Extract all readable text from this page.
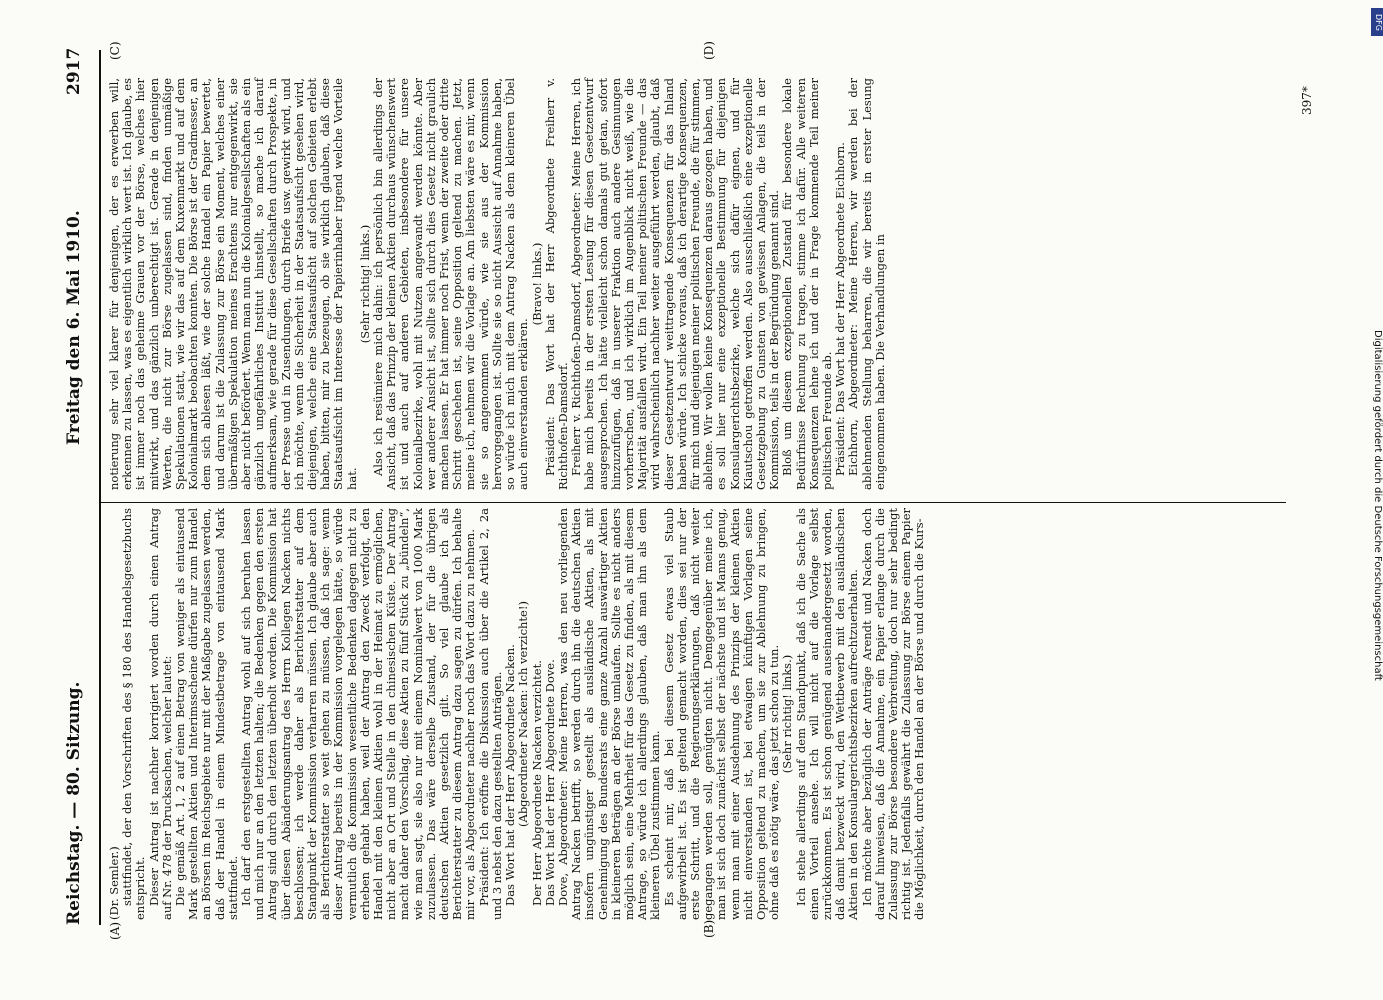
Reichstag. — 80. Sitzung.
Freitag den 6. Mai 1910.
2917
(A)	(B)
(C)	(D)

(Dr. Semler.) stattfindet, der den Vorschriften des § 180 des Handelsgesetzbuchs entspricht. Dieser Antrag ist nachher korrigiert worden durch einen Antrag auf Nr. 478 der Drucksachen, welcher lautet: Die gemäß Art. 1, 2 auf einen Betrag von weniger als eintausend Mark gestellten Aktien und Interimsscheine dürfen nur zum Handel an Börsen im Reichsgebiete nur mit der Maßgabe zugelassen werden, daß der Handel in einem Mindestbetrage von eintausend Mark stattfindet. Ich darf den erstgestellten Antrag wohl auf sich beruhen lassen und mich nur an den letzten halten; die Bedenken gegen den ersten Antrag sind durch den letzten überholt worden. Die Kommission hat über diesen Abänderungsantrag des Herrn Kollegen Nacken nichts beschlossen; ich werde daher als Berichterstatter auf dem Standpunkt der Kommission verharren müssen. Ich glaube aber auch als Berichterstatter so weit gehen zu müssen, daß ich sage: wenn dieser Antrag bereits in der Kommission vorgelegen hätte, so würde vermutlich die Kommission wesentliche Bedenken dagegen nicht zu erheben gehabt haben, weil der Antrag den Zweck verfolgt, den Handel mit den kleinen Aktien wohl in der Heimat zu ermöglichen, nicht aber an Ort und Stelle in den chinesischen Küste. Der Antrag macht daher den Vorschlag, diese Aktien zu fünf Stück zu „bündeln“, wie man sagt, sie also nur mit einem Nominalwert von 1000 Mark zuzulassen. Das wäre derselbe Zustand, der für die übrigen deutschen Aktien gesetzlich gilt. So viel glaube ich als Berichterstatter zu diesem Antrag dazu sagen zu dürfen. Ich behalte mir vor, als Abgeordneter nachher noch das Wort dazu zu nehmen. Präsident: Ich eröffne die Diskussion auch über die Artikel 2, 2a und 3 nebst den dazu gestellten Anträgen. Das Wort hat der Herr Abgeordnete Nacken. (Abgeordneter Nacken: Ich verzichte!) Der Herr Abgeordnete Nacken verzichtet. Das Wort hat der Herr Abgeordnete Dove. Dove, Abgeordneter: Meine Herren, was den neu vorliegenden Antrag Nacken betrifft, so werden durch ihn die deutschen Aktien insofern ungünstiger gestellt als ausländische Aktien, als mit Genehmigung des Bundesrats eine ganze Anzahl auswärtiger Aktien in kleineren Beträgen an der Börse umlaufen. Sollte es nicht anders möglich sein, eine Mehrheit für das Gesetz zu finden, als mit diesem Antrage, so würde ich allerdings glauben, daß man ihn als dem kleineren Übel zustimmen kann. Es scheint mir, daß bei diesem Gesetz etwas viel Staub aufgewirbelt ist. Es ist geltend gemacht worden, dies sei nur der erste Schritt, und die Regierungserklärungen, daß nicht weiter gegangen werden soll, genügten nicht. Demgegenüber meine ich, man ist sich doch zunächst selbst der nächste und ist Manns genug, wenn man mit einer Ausdehnung des Prinzips der kleinen Aktien nicht einverstanden ist, bei etwaigen künftigen Vorlagen seine Opposition geltend zu machen, um sie zur Ablehnung zu bringen, ohne daß es nötig wäre, das jetzt schon zu tun. (Sehr richtig! links.) Ich stehe allerdings auf dem Standpunkt, daß ich die Sache als einen Vorteil ansehe. Ich will nicht auf die Vorlage selbst zurückkommen. Es ist schon genügend auseinandergesetzt worden, daß damit bezweckt wird, den Wettbewerb mit den ausländischen Aktien in den Konsulargerichtsbezirken aufrechtzuerhalten. Ich möchte aber bezüglich der Anträge Arendt und Nacken doch darauf hinweisen, daß die Annahme, ein Papier erlange durch die Zulassung zur Börse besondere Verbreitung, doch nur sehr bedingt richtig ist. Jedenfalls gewährt die Zulassung zur Börse einem Papier die Möglichkeit, durch den Handel an der Börse und durch die Kurs-

notierung sehr viel klarer für denjenigen, der es erwerben will, erkennen zu lassen, was es eigentlich wirklich wert ist. Ich glaube, es ist immer noch das geheime Grauen vor der Börse, welches hier mitwirkt, und das gänzlich unberechtigt ist. Gerade in denjenigen Werten, die nicht zur Börse zugelassen sind, finden unmäßige Spekulationen statt, wie wir das auf dem Kuxenmarkt und auf dem Kolonialmarkt beobachten konnten. Die Börse ist der Gradmesser, an dem sich ablesen läßt, wie der solche Handel ein Papier bewertet, und darum ist die Zulassung zur Börse ein Moment, welches einer übermäßigen Spekulation meines Erachtens nur entgegenwirkt, sie aber nicht befördert. Wenn man nun die Kolonialgesellschaften als ein gänzlich ungefährliches Institut hinstellt, so mache ich darauf aufmerksam, wie gerade für diese Gesellschaften durch Prospekte, in der Presse und in Zusendungen, durch Briefe usw. gewirkt wird, und ich möchte, wenn die Sicherheit in der Staatsaufsicht gesehen wird, diejenigen, welche eine Staatsaufsicht auf solchen Gebieten erlebt haben, bitten, mir zu bezeugen, ob sie wirklich glauben, daß diese Staatsaufsicht im Interesse der Papierinhaber irgend welche Vorteile hat.

(Sehr richtig! links.) Also ich resümiere mich dahin: ich persönlich bin allerdings der Ansicht, daß das Prinzip der kleinen Aktien durchaus wünschenswert ist und auch auf anderen Gebieten, insbesondere für unsere Kolonialbezirke, wohl mit Nutzen angewandt werden könnte. Aber wer anderer Ansicht ist, sollte sich durch dies Gesetz nicht graulich machen lassen. Er hat immer noch Frist, wenn der zweite oder dritte Schritt geschehen ist, seine Opposition geltend zu machen. Jetzt, meine ich, nehmen wir die Vorlage an. Am liebsten wäre es mir, wenn sie so angenommen würde, wie sie aus der Kommission hervorgegangen ist. Sollte sie so nicht Aussicht auf Annahme haben, so würde ich mich mit dem Antrag Nacken als dem kleineren Übel auch einverstanden erklären.

(Bravo! links.) Präsident: Das Wort hat der Herr Abgeordnete Freiherr v. Richthofen-Damsdorf. Freiherr v. Richthofen-Damsdorf, Abgeordneter: Meine Herren, ich habe mich bereits in der ersten Lesung für diesen Gesetzentwurf ausgesprochen. Ich hätte vielleicht schon damals gut getan, sofort hinzuzufügen, daß in unserer Fraktion auch andere Gesinnungen vorherrschen, und ich wirklich im Augenblick nicht weiß, wie die Majorität ausfallen wird. Ein Teil meiner politischen Freunde — das wird wahrscheinlich nachher weiter ausgeführt werden, glaubt, daß dieser Gesetzentwurf weittragende Konsequenzen für das Inland haben würde. Ich schicke voraus, daß ich derartige Konsequenzen, für mich und diejenigen meiner politischen Freunde, die für stimmen, ablehne. Wir wollen keine Konsequenzen daraus gezogen haben, und es soll hier nur eine exzeptionelle Bestimmung für diejenigen Konsulargerichtsbezirke, welche sich dafür eignen, und für Kiautschou getroffen werden. Also ausschließlich eine exzeptionelle Gesetzgebung zu Gunsten von gewissen Anlagen, die teils in der Kommission, teils in der Begründung genannt sind. Bloß um diesem exzeptionellen Zustand für besondere lokale Bedürfnisse Rechnung zu tragen, stimme ich dafür. Alle weiteren Konsequenzen lehne ich und der in Frage kommende Teil meiner politischen Freunde ab. Präsident: Das Wort hat der Herr Abgeordnete Eichhorn. Eichhorn, Abgeordneter: Meine Herren, wir werden bei der ablehnenden Stellung beharren, die wir bereits in erster Lesung eingenommen haben. Die Verhandlungen in

397*
DFG
Digitalisierung gefördert durch die Deutsche Forschungsgemeinschaft
